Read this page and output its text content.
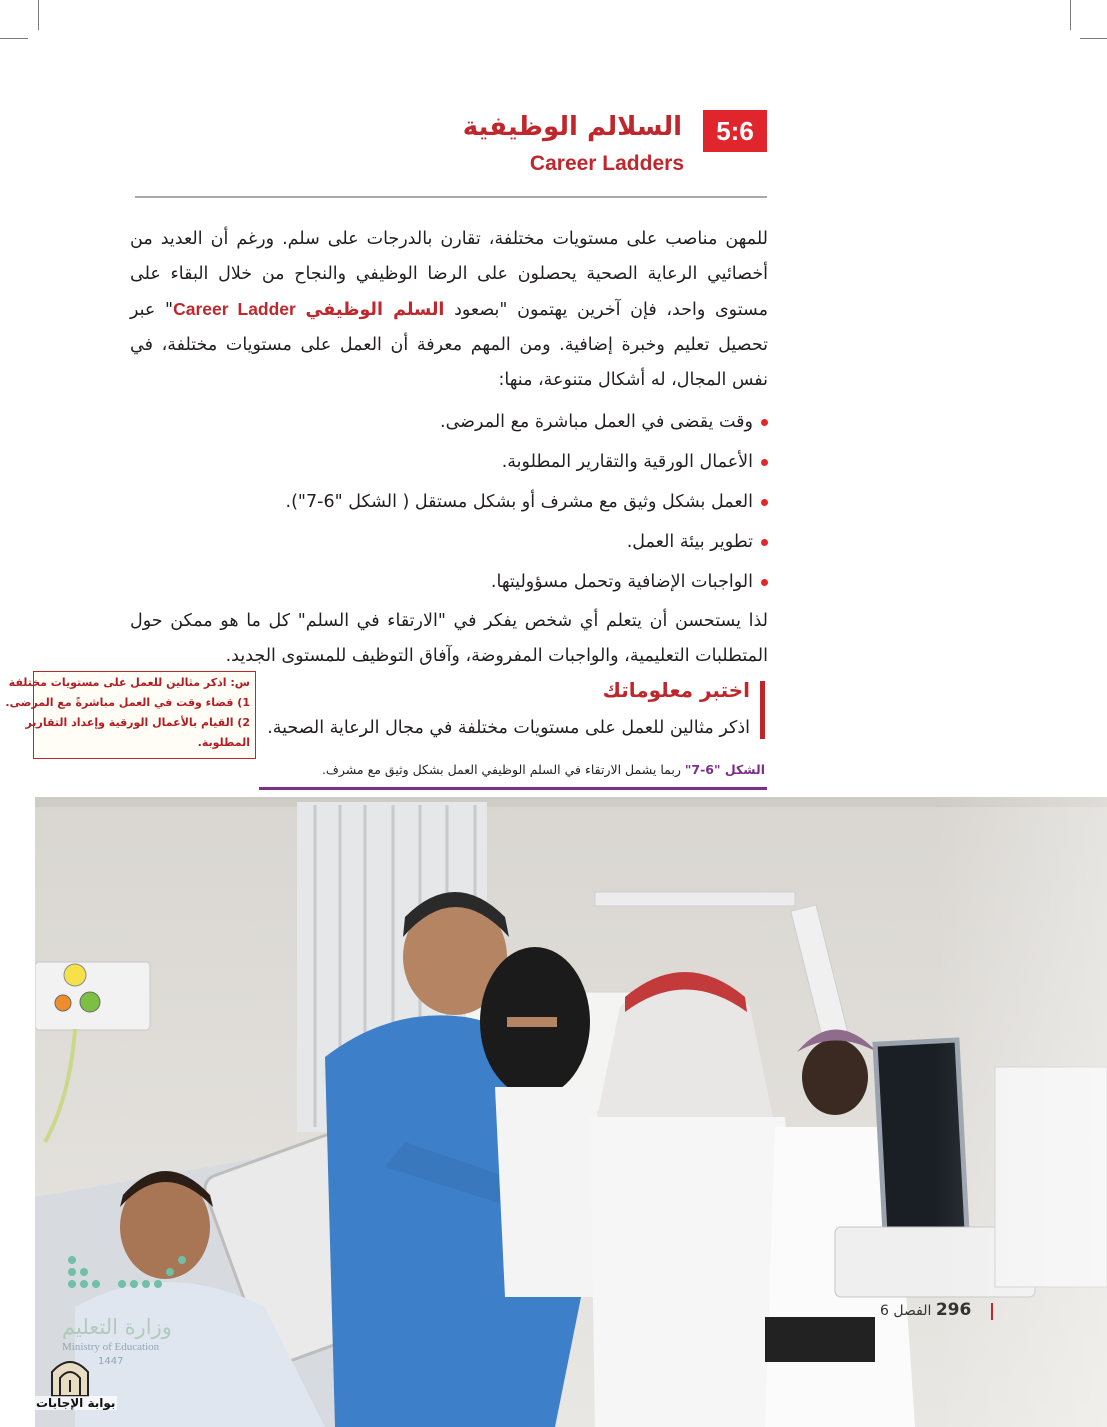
5:6
السلالم الوظيفية
Career Ladders

للمهن مناصب على مستويات مختلفة، تقارن بالدرجات على سلم. ورغم أن العديد من أخصائيي الرعاية الصحية يحصلون على الرضا الوظيفي والنجاح من خلال البقاء على مستوى واحد، فإن آخرين يهتمون "بصعود السلم الوظيفي Career Ladder" عبر تحصيل تعليم وخبرة إضافية. ومن المهم معرفة أن العمل على مستويات مختلفة، في نفس المجال، له أشكال متنوعة، منها:

وقت يقضى في العمل مباشرة مع المرضى.
الأعمال الورقية والتقارير المطلوبة.
العمل بشكل وثيق مع مشرف أو بشكل مستقل ( الشكل "6-7").
تطوير بيئة العمل.
الواجبات الإضافية وتحمل مسؤوليتها.

لذا يستحسن أن يتعلم أي شخص يفكر في "الارتقاء في السلم" كل ما هو ممكن حول المتطلبات التعليمية، والواجبات المفروضة، وآفاق التوظيف للمستوى الجديد.

اختبر معلوماتك
اذكر مثالين للعمل على مستويات مختلفة في مجال الرعاية الصحية.
س: اذكر مثالين للعمل على مستويات مختلفة
1) قضاء وقت في العمل مباشرةً مع المرضى.
2) القيام بالأعمال الورقية وإعداد التقارير
المطلوبة.
الشكل "6-7" ربما يشمل الارتقاء في السلم الوظيفي العمل بشكل وثيق مع مشرف.
296 الفصل 6
وزارة التعليم
Ministry of Education
1447
بوابة الإجابات
